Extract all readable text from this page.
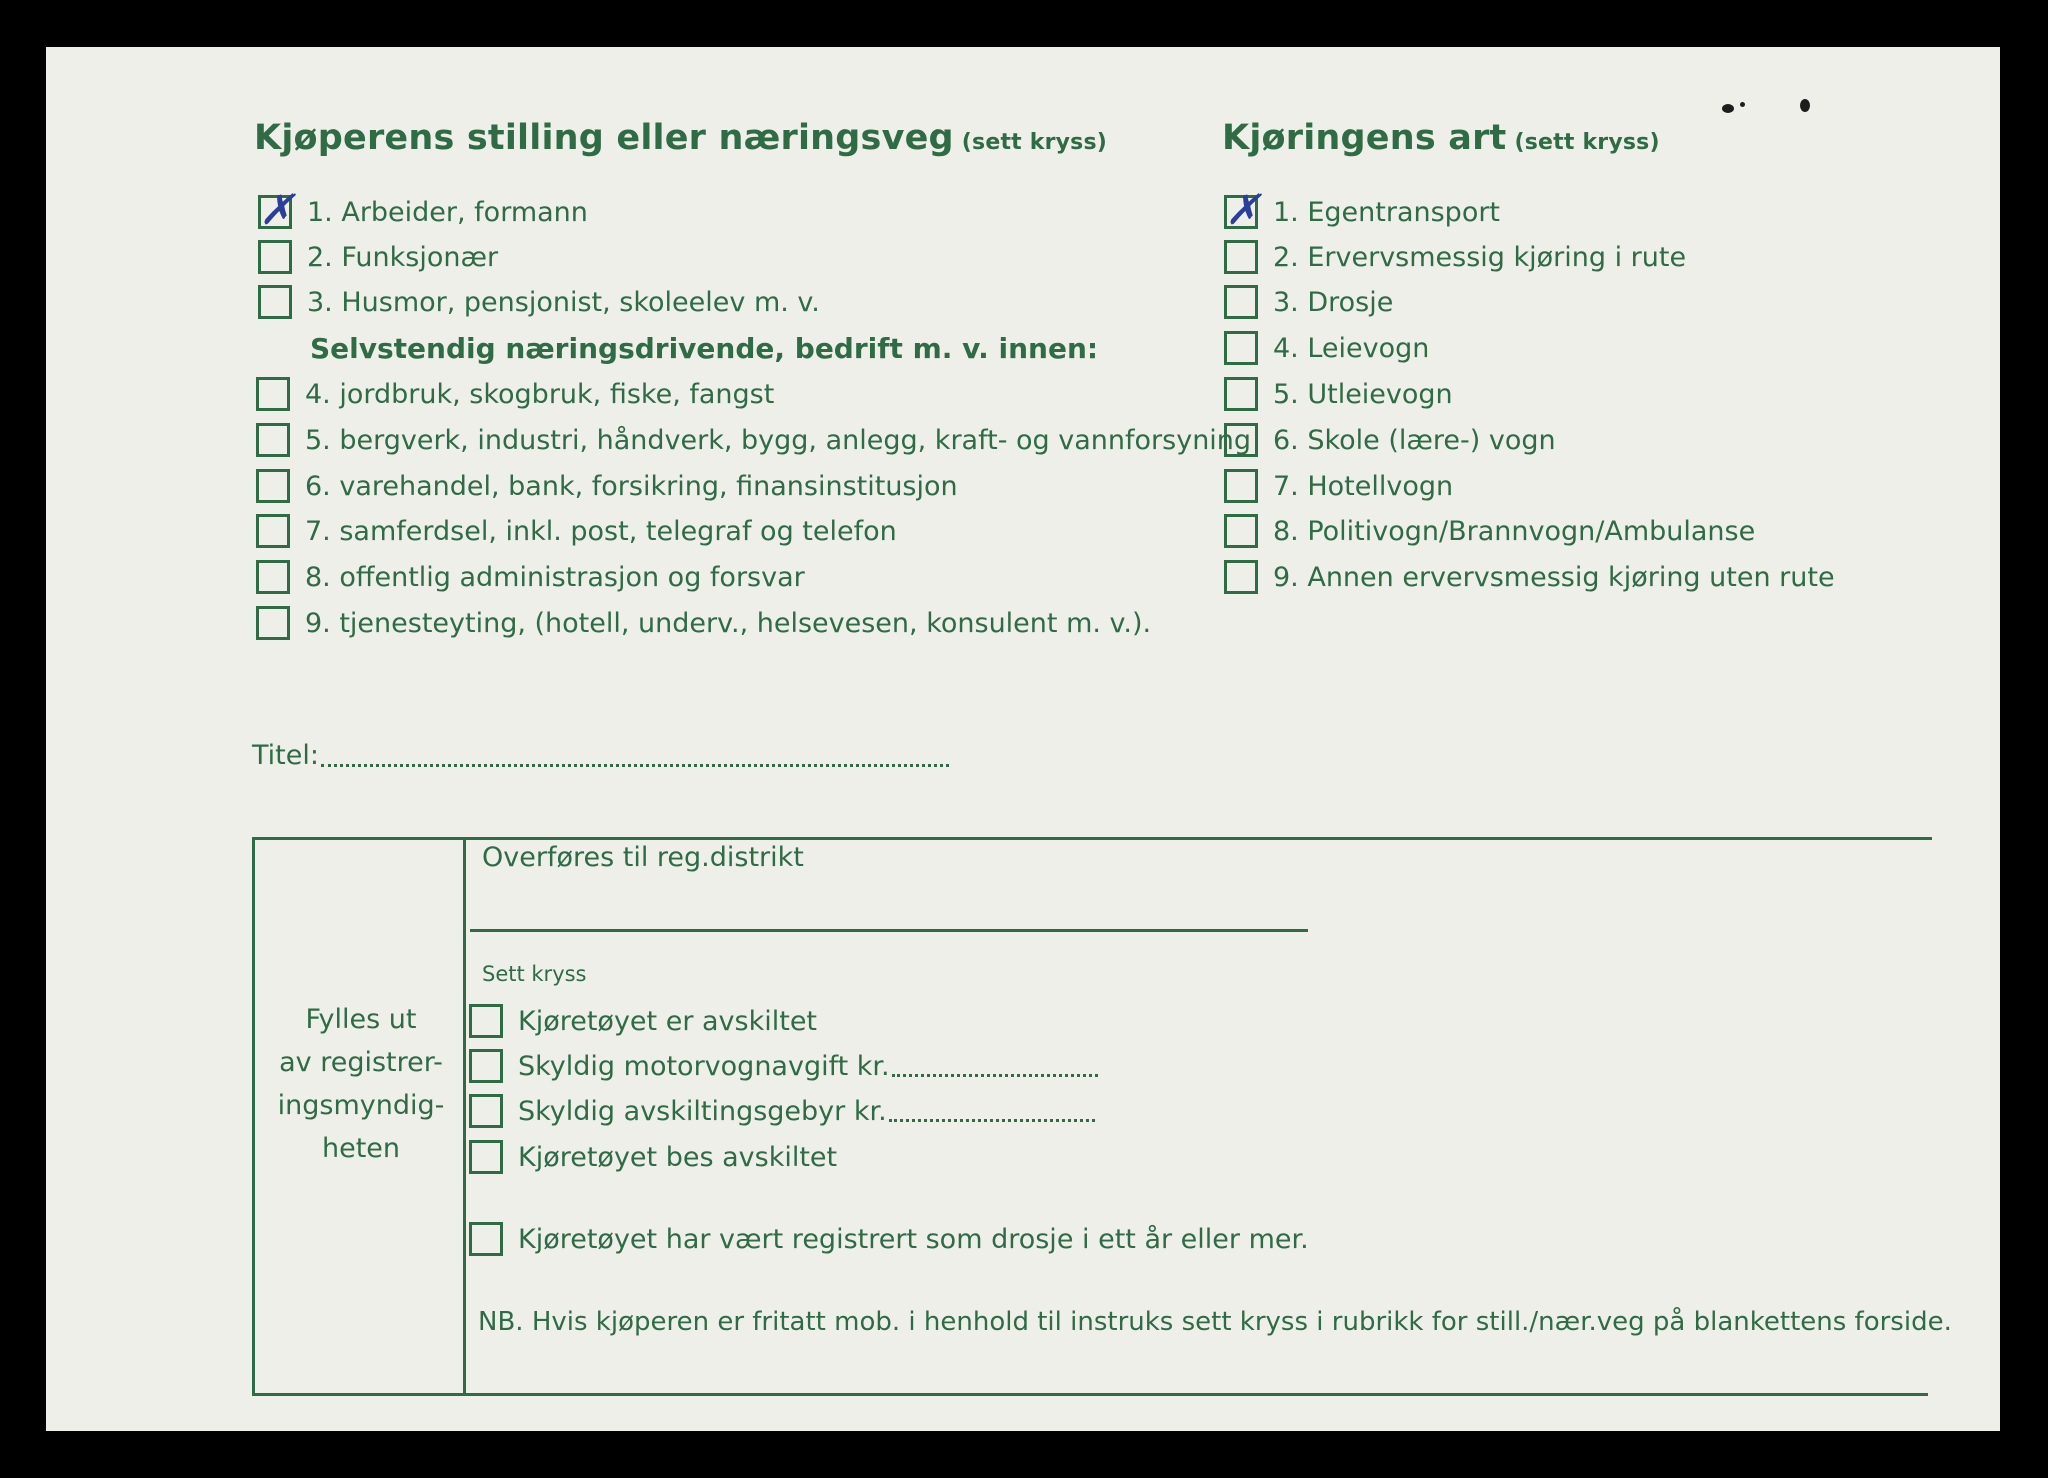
Kjøperens stilling eller næringsveg (sett kryss)	Kjøringens art (sett kryss)
✗ 1. Arbeider, formann
2. Funksjonær
3. Husmor, pensjonist, skoleelev m. v.
Selvstendig næringsdrivende, bedrift m. v. innen:
4. jordbruk, skogbruk, fiske, fangst
5. bergverk, industri, håndverk, bygg, anlegg, kraft- og vannforsyning
6. varehandel, bank, forsikring, finansinstitusjon
7. samferdsel, inkl. post, telegraf og telefon
8. offentlig administrasjon og forsvar
9. tjenesteyting, (hotell, underv., helsevesen, konsulent m. v.).
✗ 1. Egentransport
2. Ervervsmessig kjøring i rute
3. Drosje
4. Leievogn
5. Utleievogn
6. Skole (lære-) vogn
7. Hotellvogn
8. Politivogn/Brannvogn/Ambulanse
9. Annen ervervsmessig kjøring uten rute
Titel:
Fylles ut
av registrer-
ingsmyndig-
heten
Overføres til reg.distrikt
Sett kryss
Kjøretøyet er avskiltet
Skyldig motorvognavgift kr.
Skyldig avskiltingsgebyr kr.
Kjøretøyet bes avskiltet
Kjøretøyet har vært registrert som drosje i ett år eller mer.
NB. Hvis kjøperen er fritatt mob. i henhold til instruks sett kryss i rubrikk for still./nær.veg på blankettens forside.
